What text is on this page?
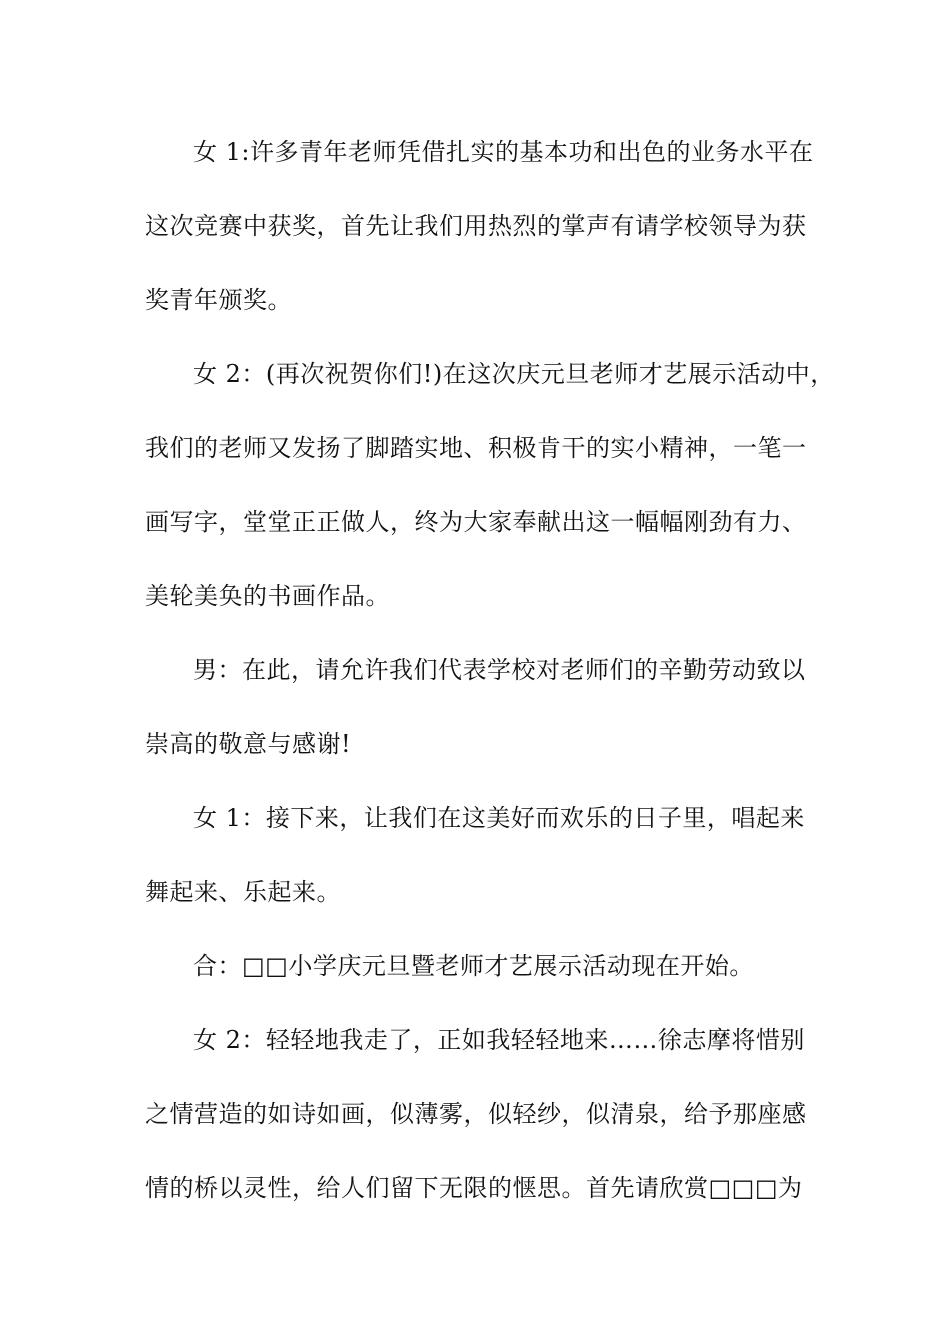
女 1:许多青年老师凭借扎实的基本功和出色的业务水平在
这次竞赛中获奖，首先让我们用热烈的掌声有请学校领导为获
奖青年颁奖。
女 2：(再次祝贺你们!)在这次庆元旦老师才艺展示活动中，
我们的老师又发扬了脚踏实地、积极肯干的实小精神，一笔一
画写字，堂堂正正做人，终为大家奉献出这一幅幅刚劲有力、
美轮美奂的书画作品。
男：在此，请允许我们代表学校对老师们的辛勤劳动致以
崇高的敬意与感谢!
女 1：接下来，让我们在这美好而欢乐的日子里，唱起来
舞起来、乐起来。
合：□□小学庆元旦暨老师才艺展示活动现在开始。
女 2：轻轻地我走了，正如我轻轻地来……徐志摩将惜别
之情营造的如诗如画，似薄雾，似轻纱，似清泉，给予那座感
情的桥以灵性，给人们留下无限的惬思。首先请欣赏□□□为
